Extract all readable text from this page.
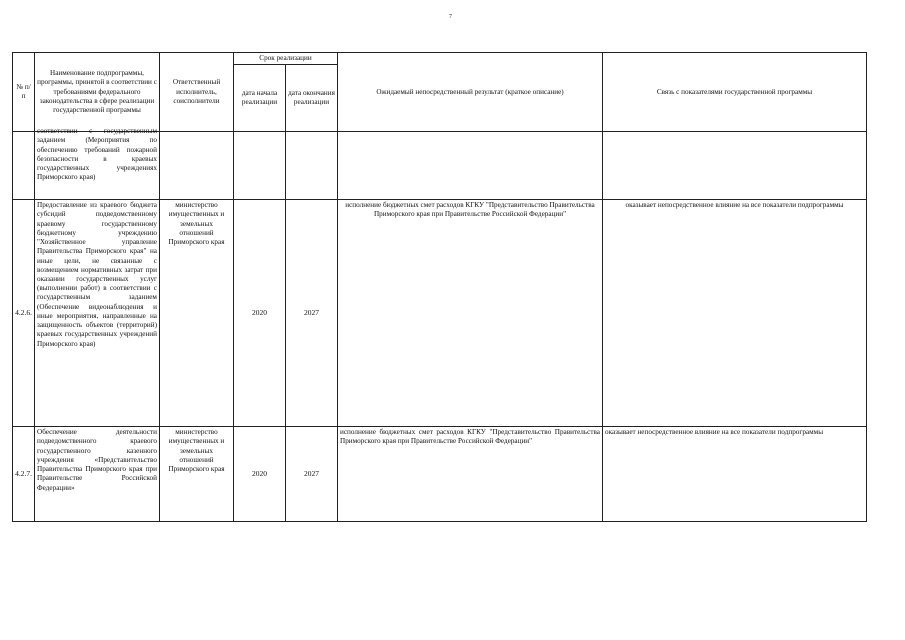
7
№ п/п	Наименование подпрограммы, программы, принятой в соответствии с требованиями федерального законодательства в сфере реализации государственной программы	Ответственный исполнитель, соисполнители	Срок реализации		Ожидаемый непосредственный результат (краткое описание)	Связь с показателями государственной программы
			дата начала реализации	дата окончания реализации		

	соответствии с государственным заданием (Мероприятия по обеспечению требований пожарной безопасности в краевых государственных учреждениях Приморского края)					

4.2.6.	Предоставление из краевого бюджета субсидий подведомственному краевому государственному бюджетному учреждению "Хозяйственное управление Правительства Приморского края" на иные цели, не связанные с возмещением нормативных затрат при оказании государственных услуг (выполнении работ) в соответствии с государственным заданием (Обеспечение видеонаблюдения и иные мероприятия, направленные на защищенность объектов (территорий) краевых государственных учреждений Приморского края)	министерство имущественных и земельных отношений Приморского края	2020	2027	исполнение бюджетных смет расходов КГКУ "Представительство Правительства Приморского края при Правительстве Российской Федерации"	оказывает непосредственное влияние на все показатели подпрограммы
4.2.7.	Обеспечение деятельности подведомственного краевого государственного казенного учреждения «Представительство Правительства Приморского края при Правительстве Российской Федерации»	министерство имущественных и земельных отношений Приморского края	2020	2027	исполнение бюджетных смет расходов КГКУ "Представительство Правительства Приморского края при Правительстве Российской Федерации"	оказывает непосредственное влияние на все показатели подпрограммы
